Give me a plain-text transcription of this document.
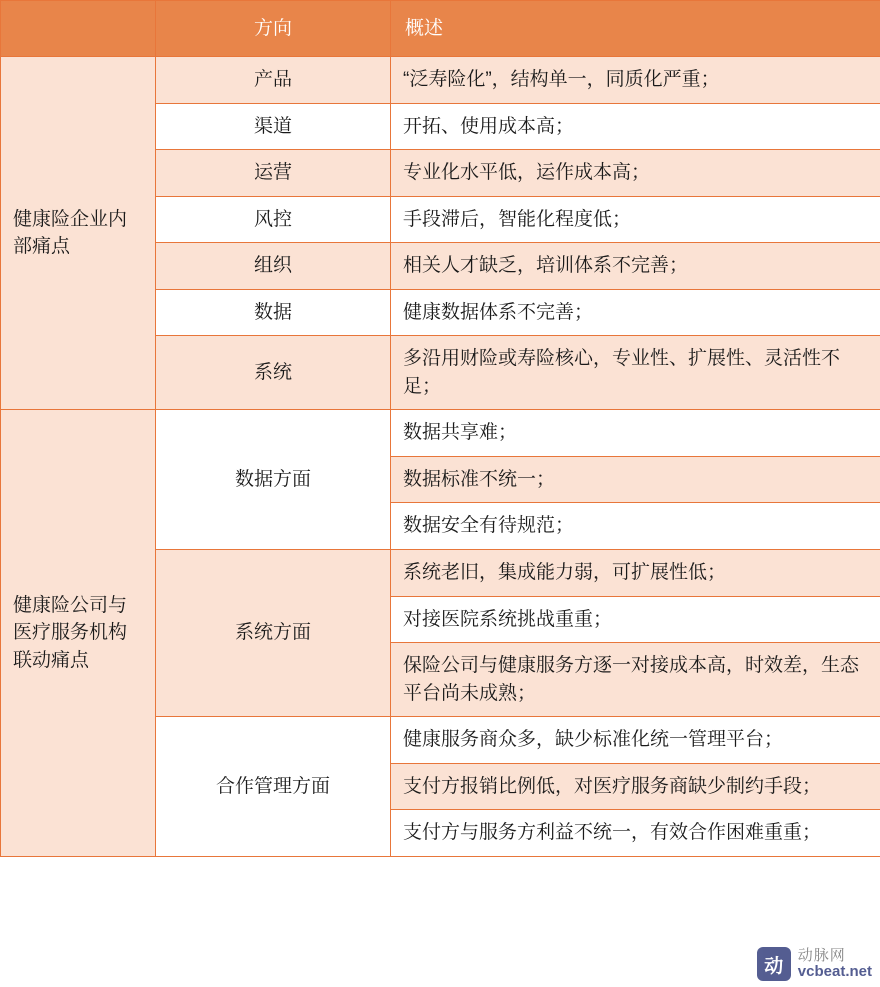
	方向	概述
健康险企业内部痛点	产品	“泛寿险化”，结构单一，同质化严重；
	渠道	开拓、使用成本高；
	运营	专业化水平低，运作成本高；
	风控	手段滞后，智能化程度低；
	组织	相关人才缺乏，培训体系不完善；
	数据	健康数据体系不完善；
	系统	多沿用财险或寿险核心，专业性、扩展性、灵活性不足；
健康险公司与医疗服务机构联动痛点	数据方面	数据共享难；
		数据标准不统一；
		数据安全有待规范；
	系统方面	系统老旧，集成能力弱，可扩展性低；
		对接医院系统挑战重重；
		保险公司与健康服务方逐一对接成本高，时效差，生态平台尚未成熟；
	合作管理方面	健康服务商众多，缺少标准化统一管理平台；
		支付方报销比例低，对医疗服务商缺少制约手段；
		支付方与服务方利益不统一，有效合作困难重重；
动
动脉网
vcbeat.net
